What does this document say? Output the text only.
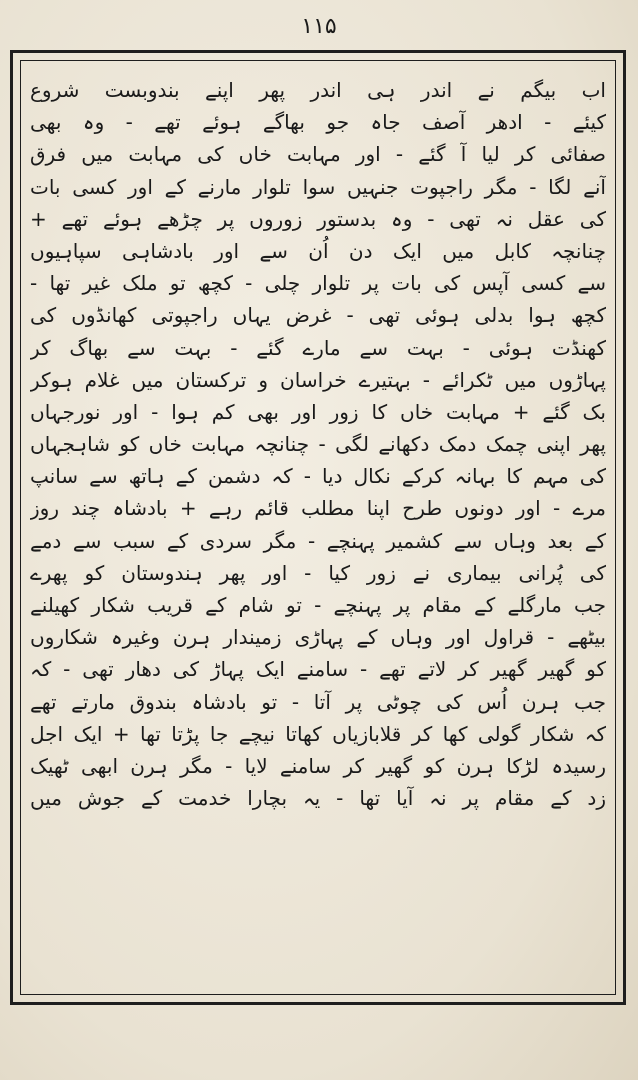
۱۱۵
اب بیگم نے اندر ہی اندر پھر اپنے بندوبست شروع
کیئے - ادھر آصف جاہ جو بھاگے ہوئے تھے - وہ بھی
صفائی کر لیا آ گئے - اور مہابت خاں کی مہابت میں فرق
آنے لگا - مگر راجپوت جنہیں سوا تلوار مارنے کے اور کسی بات
کی عقل نہ تھی - وہ بدستور زوروں پر چڑھے ہوئے تھے +
چنانچہ کابل میں ایک دن اُن سے اور بادشاہی سپاہیوں
سے کسی آپس کی بات پر تلوار چلی - کچھ تو ملک غیر تھا -
کچھ ہوا بدلی ہوئی تھی - غرض یہاں راجپوتی کھانڈوں کی
کھنڈت ہوئی - بہت سے مارے گئے - بہت سے بھاگ کر
پہاڑوں میں ٹکرائے - بہتیرے خراسان و ترکستان میں غلام ہوکر
بک گئے + مہابت خاں کا زور اور بھی کم ہوا - اور نورجہاں
پھر اپنی چمک دمک دکھانے لگی - چنانچہ مہابت خاں کو شاہجہاں
کی مہم کا بہانہ کرکے نکال دیا - کہ دشمن کے ہاتھ سے سانپ
مرے - اور دونوں طرح اپنا مطلب قائم رہے + بادشاہ چند روز
کے بعد وہاں سے کشمیر پہنچے - مگر سردی کے سبب سے دمے
کی پُرانی بیماری نے زور کیا - اور پھر ہندوستان کو پھرے
جب مارگلے کے مقام پر پہنچے - تو شام کے قریب شکار کھیلنے
بیٹھے - قراول اور وہاں کے پہاڑی زمیندار ہرن وغیرہ شکاروں
کو گھیر گھیر کر لاتے تھے - سامنے ایک پہاڑ کی دھار تھی - کہ
جب ہرن اُس کی چوٹی پر آتا - تو بادشاہ بندوق مارتے تھے
کہ شکار گولی کھا کر قلابازیاں کھاتا نیچے جا پڑتا تھا + ایک اجل
رسیدہ لڑکا ہرن کو گھیر کر سامنے لایا - مگر ہرن ابھی ٹھیک
زد کے مقام پر نہ آیا تھا - یہ بچارا خدمت کے جوش میں
